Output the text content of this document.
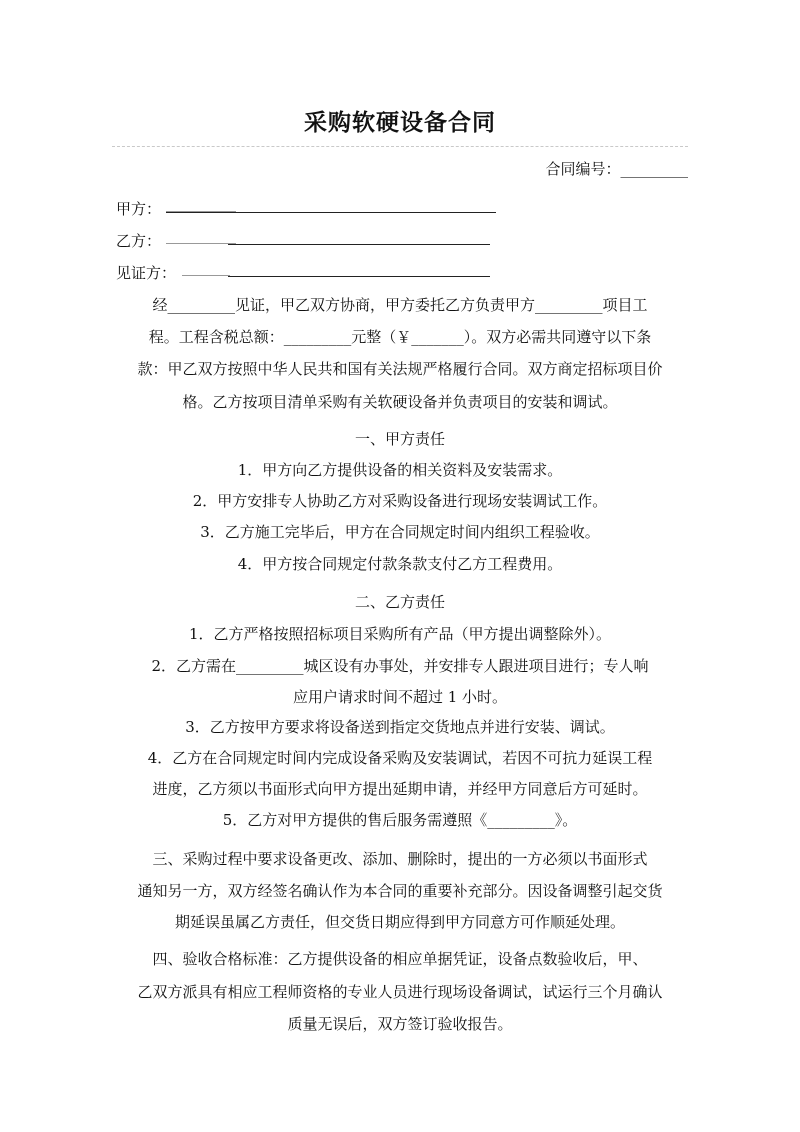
采购软硬设备合同
合同编号：_________
甲方：
乙方：
见证方：
经_________见证，甲乙双方协商，甲方委托乙方负责甲方_________项目工
程。工程含税总额：_________元整（￥_______）。双方必需共同遵守以下条
款：甲乙双方按照中华人民共和国有关法规严格履行合同。双方商定招标项目价
格。乙方按项目清单采购有关软硬设备并负责项目的安装和调试。
一、甲方责任
1．甲方向乙方提供设备的相关资料及安装需求。
2．甲方安排专人协助乙方对采购设备进行现场安装调试工作。
3．乙方施工完毕后，甲方在合同规定时间内组织工程验收。
4．甲方按合同规定付款条款支付乙方工程费用。
二、乙方责任
1．乙方严格按照招标项目采购所有产品（甲方提出调整除外）。
2．乙方需在_________城区设有办事处，并安排专人跟进项目进行；专人响
应用户请求时间不超过 1 小时。
3．乙方按甲方要求将设备送到指定交货地点并进行安装、调试。
4．乙方在合同规定时间内完成设备采购及安装调试，若因不可抗力延误工程
进度，乙方须以书面形式向甲方提出延期申请，并经甲方同意后方可延时。
5．乙方对甲方提供的售后服务需遵照《_________》。
三、采购过程中要求设备更改、添加、删除时，提出的一方必须以书面形式
通知另一方，双方经签名确认作为本合同的重要补充部分。因设备调整引起交货
期延误虽属乙方责任，但交货日期应得到甲方同意方可作顺延处理。
四、验收合格标准：乙方提供设备的相应单据凭证，设备点数验收后，甲、
乙双方派具有相应工程师资格的专业人员进行现场设备调试，试运行三个月确认
质量无误后，双方签订验收报告。
